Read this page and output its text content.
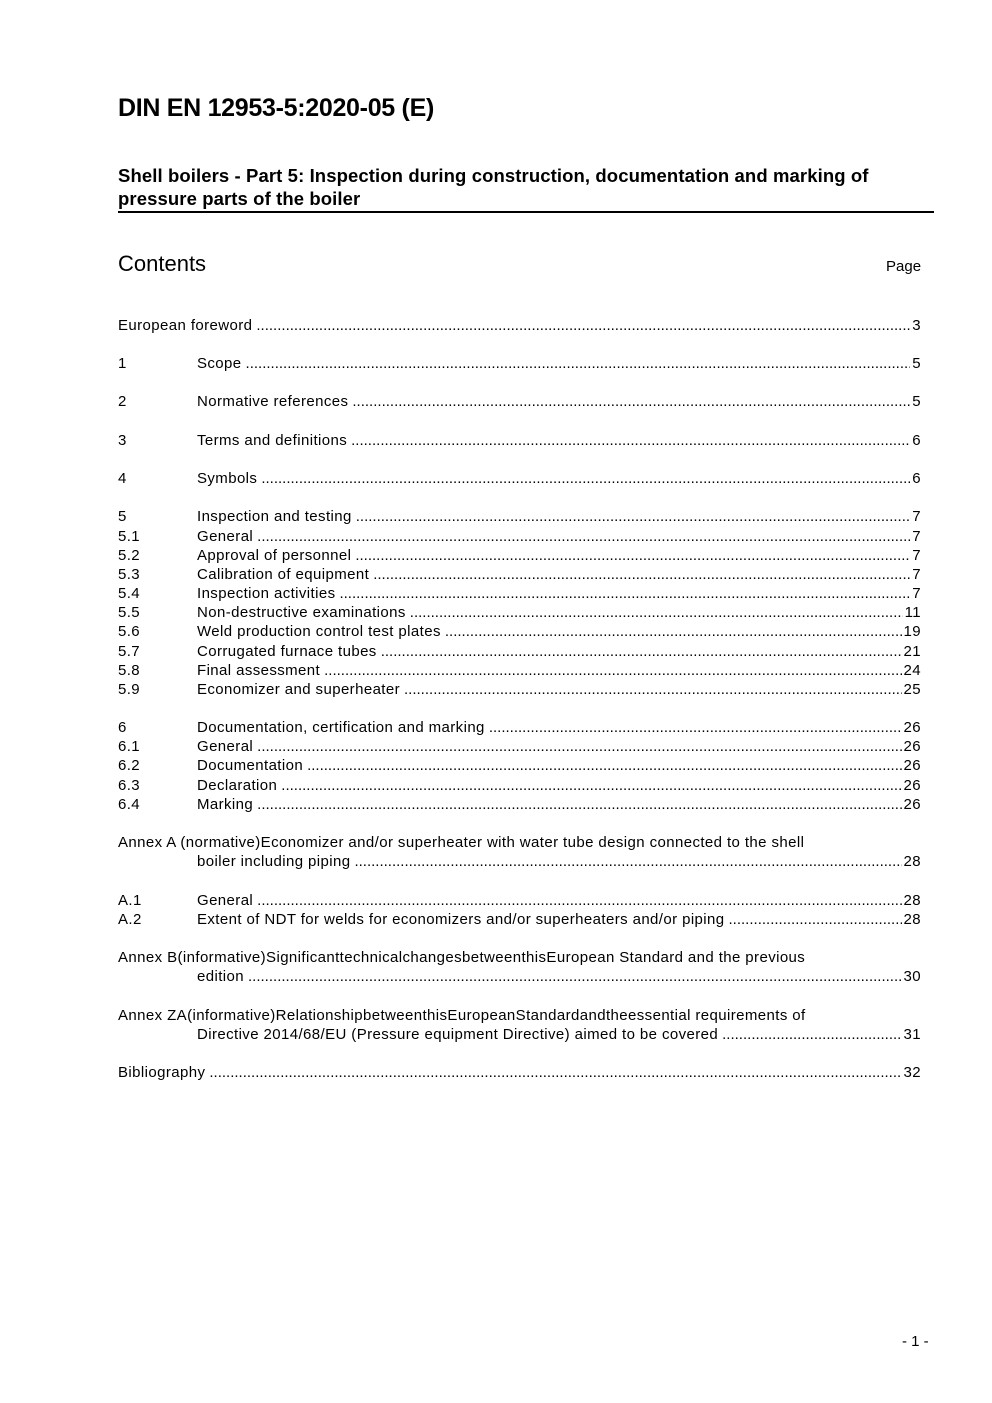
DIN EN 12953-5:2020-05 (E)
Shell boilers - Part 5: Inspection during construction, documentation and marking of pressure parts of the boiler
Contents	Page
European foreword .....	3
1	Scope .....	5
2	Normative references .....	5
3	Terms and definitions .....	6
4	Symbols .....	6
5	Inspection and testing .....	7
5.1	General .....	7
5.2	Approval of personnel .....	7
5.3	Calibration of equipment .....	7
5.4	Inspection activities .....	7
5.5	Non-destructive examinations .....	11
5.6	Weld production control test plates .....	19
5.7	Corrugated furnace tubes .....	21
5.8	Final assessment .....	24
5.9	Economizer and superheater .....	25
6	Documentation, certification and marking .....	26
6.1	General .....	26
6.2	Documentation .....	26
6.3	Declaration .....	26
6.4	Marking .....	26
Annex A (normative)Economizer and/or superheater with water tube design connected to the shell
boiler including piping .....	28
A.1	General .....	28
A.2	Extent of NDT for welds for economizers and/or superheaters and/or piping .....	28
Annex B(informative)SignificanttechnicalchangesbetweenthisEuropean Standard and the previous
edition .....	30
Annex ZA(informative)RelationshipbetweenthisEuropeanStandardandtheessential requirements of
Directive 2014/68/EU (Pressure equipment Directive) aimed to be covered .....	31
Bibliography .....	32
- 1 -
